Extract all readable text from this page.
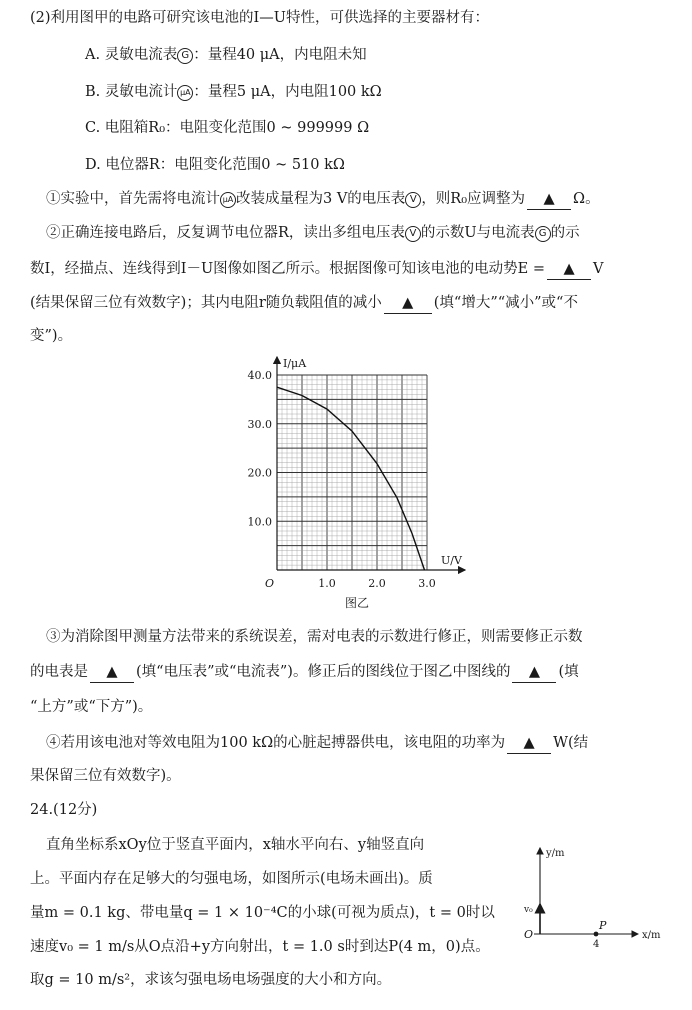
(2)利用图甲的电路可研究该电池的I—U特性，可供选择的主要器材有：
A. 灵敏电流表 G ：量程40 μA，内电阻未知
B. 灵敏电流计 μA ：量程5 μA，内电阻100 kΩ
C. 电阻箱R₀：电阻变化范围0 ~ 999999 Ω
D. 电位器R：电阻变化范围0 ~ 510 kΩ
①实验中，首先需将电流计 μA 改装成量程为3 V的电压表 V ，则R₀应调整为 ▲ Ω。
②正确连接电路后，反复调节电位器R，读出多组电压表 V 的示数U与电流表 G 的示
数I，经描点、连线得到I－U图像如图乙所示。根据图像可知该电池的电动势E = ▲ V
(结果保留三位有效数字)；其内电阻r随负载阻值的减小 ▲ (填“增大”“减小”或“不
变”)。
10.0
20.0
30.0
40.0
1.0	2.0	3.0
O
I/μA
U/V
图乙
③为消除图甲测量方法带来的系统误差，需对电表的示数进行修正，则需要修正示数
的电表是 ▲ (填“电压表”或“电流表”)。修正后的图线位于图乙中图线的 ▲ (填
“上方”或“下方”)。
④若用该电池对等效电阻为100 kΩ的心脏起搏器供电，该电阻的功率为 ▲ W(结
果保留三位有效数字)。
24.(12分)
直角坐标系xOy位于竖直平面内，x轴水平向右、y轴竖直向
上。平面内存在足够大的匀强电场，如图所示(电场未画出)。质
量m = 0.1 kg、带电量q = 1 × 10⁻⁴C的小球(可视为质点)，t = 0时以
速度v₀ = 1 m/s从O点沿+y方向射出，t = 1.0 s时到达P(4 m，0)点。
取g = 10 m/s²，求该匀强电场电场强度的大小和方向。
y/m
x/m
O
v₀
P
4
